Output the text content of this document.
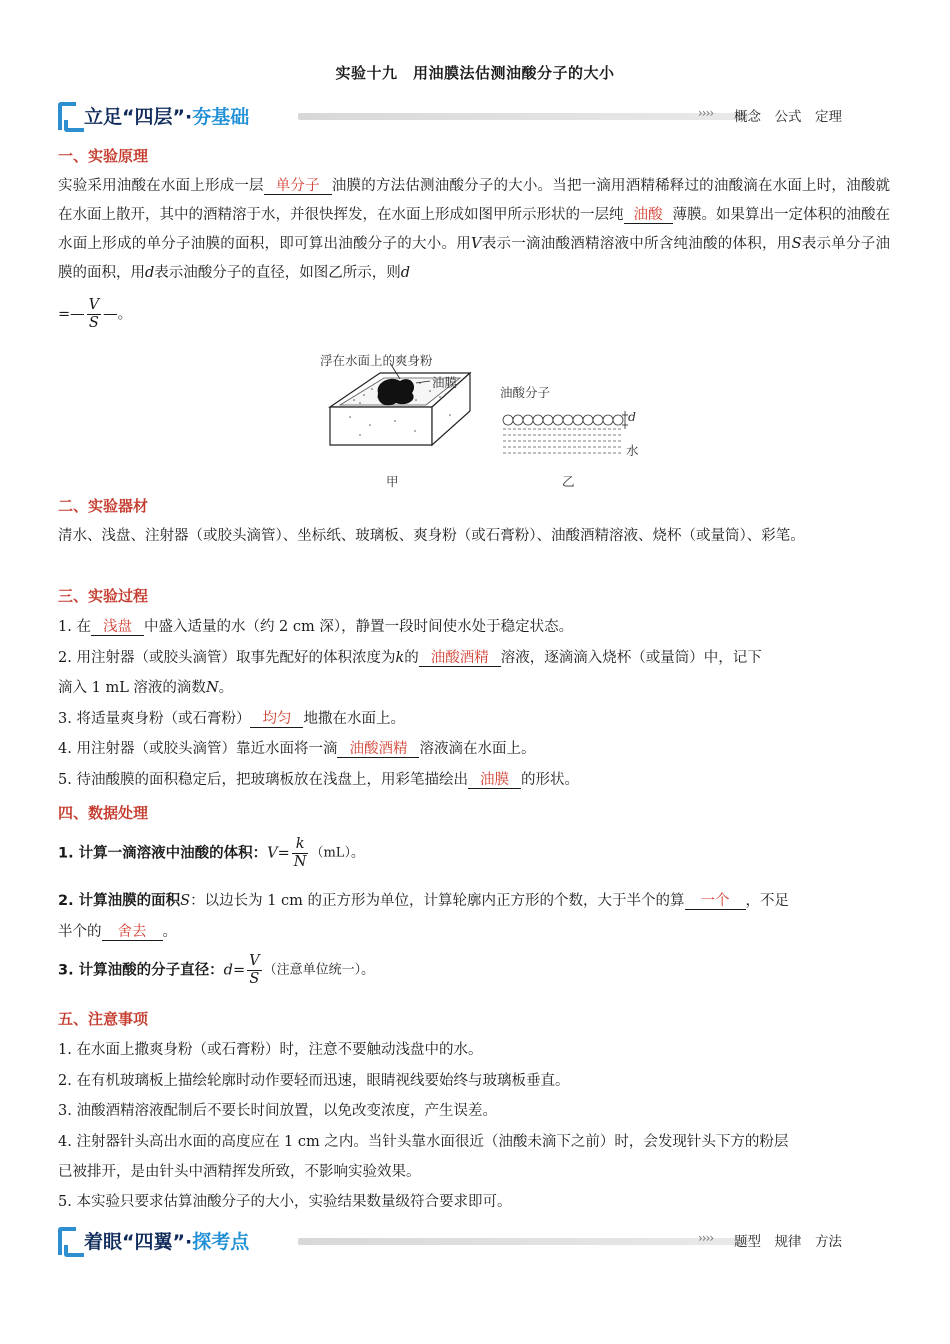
实验十九　用油膜法估测油酸分子的大小
立足“四层”·夯基础	›››› 概念　公式　定理
一、实验原理
实验采用油酸在水面上形成一层 单分子 油膜的方法估测油酸分子的大小。当把一滴用酒精稀释过的油酸滴在水面上时，油酸就在水面上散开，其中的酒精溶于水，并很快挥发，在水面上形成如图甲所示形状的一层纯 油酸 薄膜。如果算出一定体积的油酸在水面上形成的单分子油膜的面积，即可算出油酸分子的大小。用V表示一滴油酸酒精溶液中所含纯油酸的体积，用S表示单分子油膜的面积，用d表示油酸分子的直径，如图乙所示，则d
=— $\frac{V}{S}$ —。
浮在水面上的爽身粉
油膜
油酸分子
d
水
甲	乙
二、实验器材
清水、浅盘、注射器（或胶头滴管）、坐标纸、玻璃板、爽身粉（或石膏粉）、油酸酒精溶液、烧杯（或量筒）、彩笔。
三、实验过程
1. 在 浅盘 中盛入适量的水（约 2 cm 深），静置一段时间使水处于稳定状态。
2. 用注射器（或胶头滴管）取事先配好的体积浓度为k的 油酸酒精 溶液，逐滴滴入烧杯（或量筒）中，记下
滴入 1 mL 溶液的滴数N。
3. 将适量爽身粉（或石膏粉） 均匀 地撒在水面上。
4. 用注射器（或胶头滴管）靠近水面将一滴 油酸酒精 溶液滴在水面上。
5. 待油酸膜的面积稳定后，把玻璃板放在浅盘上，用彩笔描绘出 油膜 的形状。
四、数据处理
1. 计算一滴溶液中油酸的体积：$V= \frac{k}{N} (mL)$。
2. 计算油膜的面积S：以边长为 1 cm 的正方形为单位，计算轮廓内正方形的个数，大于半个的算 一个 ，不足
半个的 舍去 。
3. 计算油酸的分子直径：$d= \frac{V}{S}$ （注意单位统一）。
五、注意事项
1. 在水面上撒爽身粉（或石膏粉）时，注意不要触动浅盘中的水。
2. 在有机玻璃板上描绘轮廓时动作要轻而迅速，眼睛视线要始终与玻璃板垂直。
3. 油酸酒精溶液配制后不要长时间放置，以免改变浓度，产生误差。
4. 注射器针头高出水面的高度应在 1 cm 之内。当针头靠水面很近（油酸未滴下之前）时，会发现针头下方的粉层
已被排开，是由针头中酒精挥发所致，不影响实验效果。
5. 本实验只要求估算油酸分子的大小，实验结果数量级符合要求即可。
着眼“四翼”·探考点	›››› 题型　规律　方法
